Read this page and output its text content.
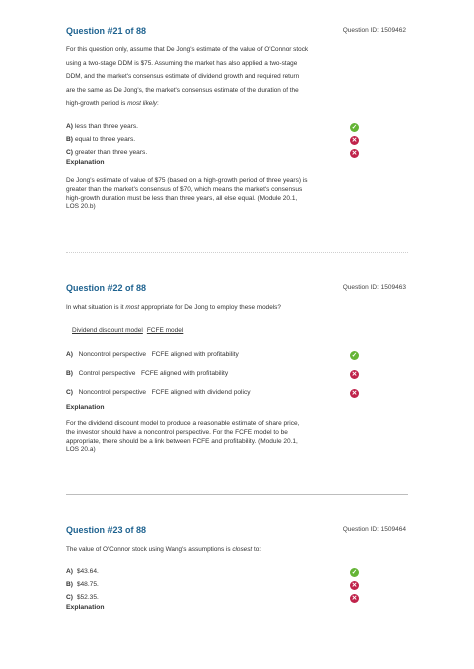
Question #21 of 88	Question ID: 1509462
For this question only, assume that De Jong's estimate of the value of O'Connor stock
using a two-stage DDM is $75. Assuming the market has also applied a two-stage
DDM, and the market's consensus estimate of dividend growth and required return
are the same as De Jong's, the market's consensus estimate of the duration of the
high-growth period is most likely:
A) less than three years.	✓
B) equal to three years.	✕
C) greater than three years.	✕
Explanation
De Jong's estimate of value of $75 (based on a high-growth period of three years) is
greater than the market's consensus of $70, which means the market's consensus
high-growth duration must be less than three years, all else equal. (Module 20.1,
LOS 20.b)
Question #22 of 88	Question ID: 1509463
In what situation is it most appropriate for De Jong to employ these models?
Dividend discount model FCFE model
A) Noncontrol perspective FCFE aligned with profitability	✓
B) Control perspective FCFE aligned with profitability	✕
C) Noncontrol perspective FCFE aligned with dividend policy	✕
Explanation
For the dividend discount model to produce a reasonable estimate of share price,
the investor should have a noncontrol perspective. For the FCFE model to be
appropriate, there should be a link between FCFE and profitability. (Module 20.1,
LOS 20.a)
Question #23 of 88	Question ID: 1509464
The value of O'Connor stock using Wang's assumptions is closest to:
A) $43.64.	✓
B) $48.75.	✕
C) $52.35.	✕
Explanation
